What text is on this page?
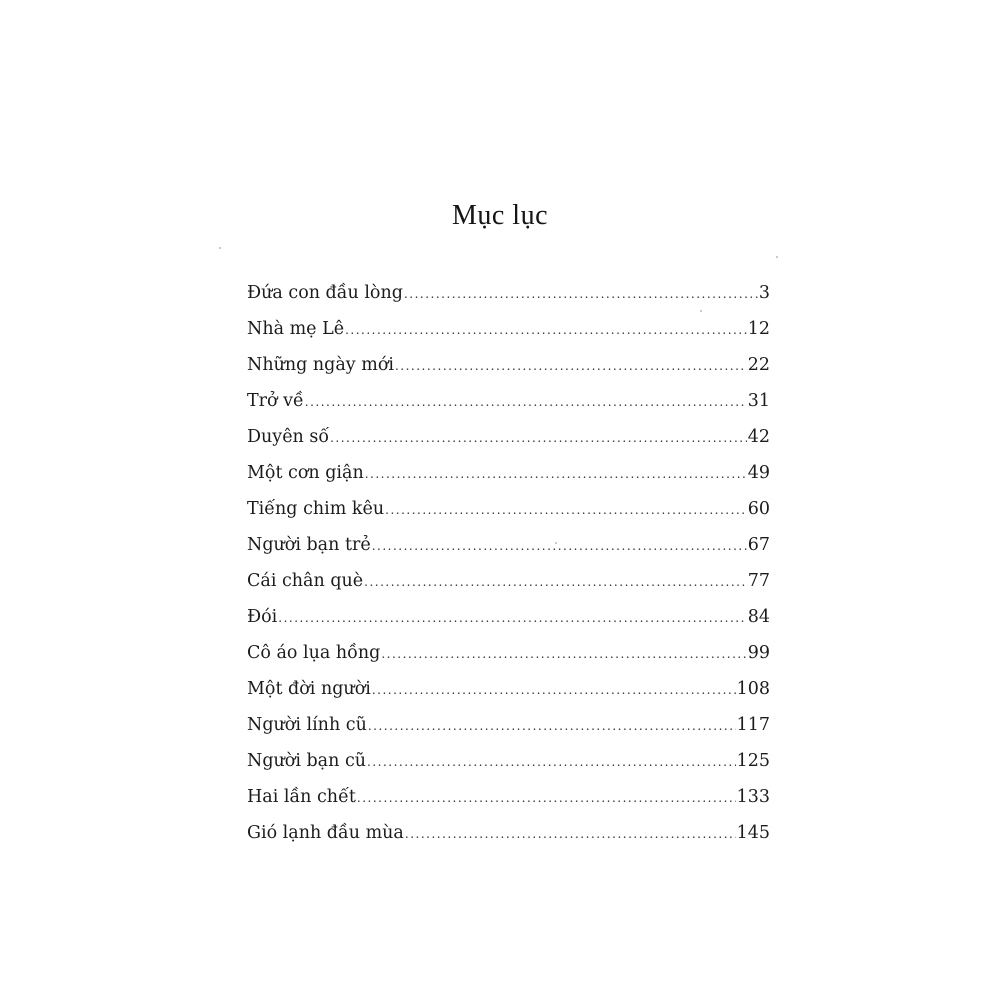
Mục lục
Đứa con đầu lòng .....	3
Nhà mẹ Lê .....	12
Những ngày mới .....	22
Trở về .....	31
Duyên số .....	42
Một cơn giận .....	49
Tiếng chim kêu .....	60
Người bạn trẻ .....	67
Cái chân què .....	77
Đói .....	84
Cô áo lụa hồng .....	99
Một đời người .....	108
Người lính cũ .....	117
Người bạn cũ .....	125
Hai lần chết .....	133
Gió lạnh đầu mùa .....	145
